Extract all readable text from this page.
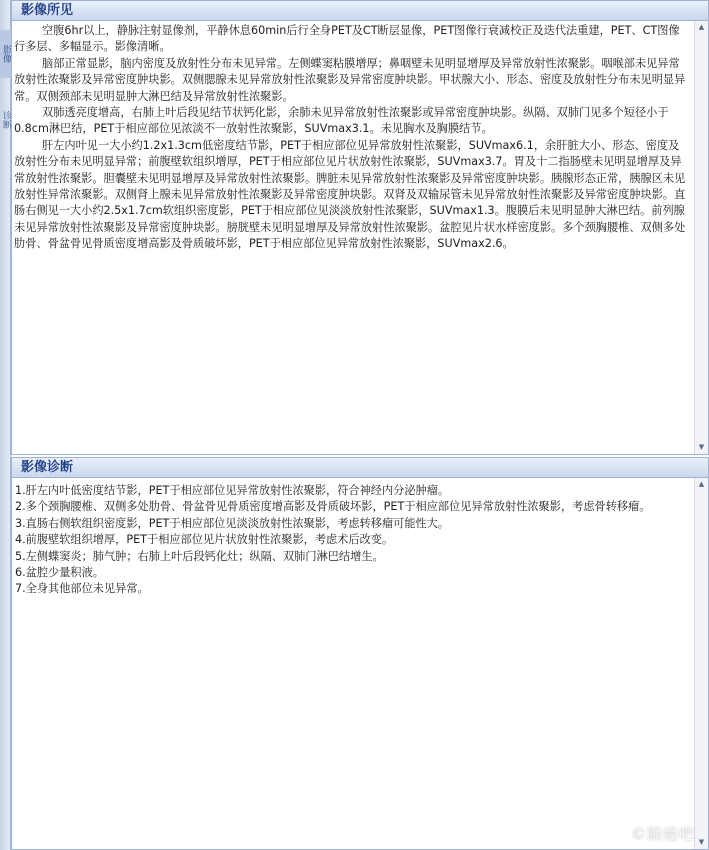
影像
诊断
影像所见

空腹6hr以上，静脉注射显像剂，平静休息60min后行全身PET及CT断层显像，PET图像行衰减校正及迭代法重建，PET、CT图像行多层、多幅显示。影像清晰。

脑部正常显影，脑内密度及放射性分布未见异常。左侧蝶窦粘膜增厚；鼻咽壁未见明显增厚及异常放射性浓聚影。咽喉部未见异常放射性浓聚影及异常密度肿块影。双侧腮腺未见异常放射性浓聚影及异常密度肿块影。甲状腺大小、形态、密度及放射性分布未见明显异常。双侧颈部未见明显肿大淋巴结及异常放射性浓聚影。

双肺透亮度增高，右肺上叶后段见结节状钙化影，余肺未见异常放射性浓聚影或异常密度肿块影。纵隔、双肺门见多个短径小于0.8cm淋巴结，PET于相应部位见浓淡不一放射性浓聚影，SUVmax3.1。未见胸水及胸膜结节。

肝左内叶见一大小约1.2x1.3cm低密度结节影，PET于相应部位见异常放射性浓聚影，SUVmax6.1，余肝脏大小、形态、密度及放射性分布未见明显异常；前腹壁软组织增厚，PET于相应部位见片状放射性浓聚影，SUVmax3.7。胃及十二指肠壁未见明显增厚及异常放射性浓聚影。胆囊壁未见明显增厚及异常放射性浓聚影。脾脏未见异常放射性浓聚影及异常密度肿块影。胰腺形态正常，胰腺区未见放射性异常浓聚影。双侧肾上腺未见异常放射性浓聚影及异常密度肿块影。双肾及双输尿管未见异常放射性浓聚影及异常密度肿块影。直肠右侧见一大小约2.5x1.7cm软组织密度影，PET于相应部位见淡淡放射性浓聚影，SUVmax1.3。腹膜后未见明显肿大淋巴结。前列腺未见异常放射性浓聚影及异常密度肿块影。膀胱壁未见明显增厚及异常放射性浓聚影。盆腔见片状水样密度影。多个颈胸腰椎、双侧多处肋骨、骨盆骨见骨质密度增高影及骨质破坏影，PET于相应部位见异常放射性浓聚影，SUVmax2.6。

▲
▼
影像诊断

1.肝左内叶低密度结节影，PET于相应部位见异常放射性浓聚影，符合神经内分泌肿瘤。

2.多个颈胸腰椎、双侧多处肋骨、骨盆骨见骨质密度增高影及骨质破坏影，PET于相应部位见异常放射性浓聚影，考虑骨转移瘤。

3.直肠右侧软组织密度影，PET于相应部位见淡淡放射性浓聚影，考虑转移瘤可能性大。

4.前腹壁软组织增厚，PET于相应部位见片状放射性浓聚影，考虑术后改变。

5.左侧蝶窦炎；肺气肿；右肺上叶后段钙化灶；纵隔、双肺门淋巴结增生。

6.盆腔少量积液。

7.全身其他部位未见异常。

▲
▼
©肺癌吧
